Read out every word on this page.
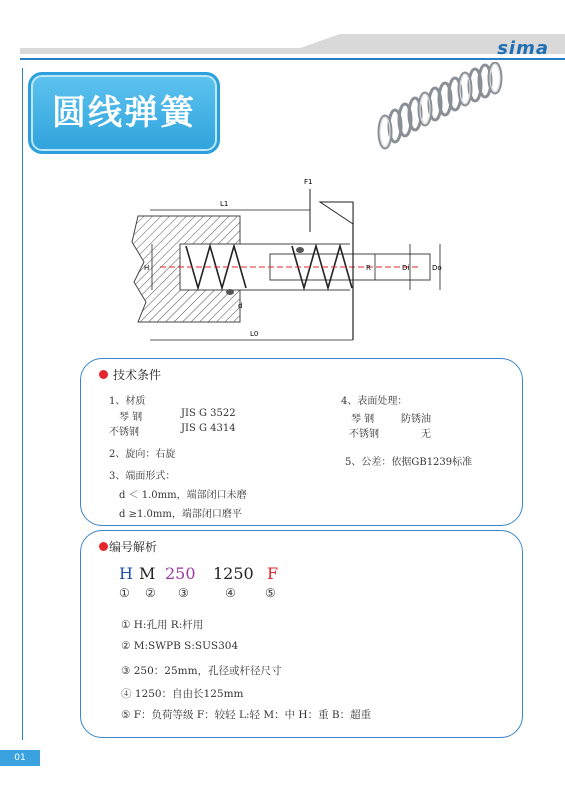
sima
圆线弹簧
F1
L1
L0
H	R	Di	Do
d
技术条件
1、材质
琴 钢	JIS G 3522
不锈钢	JIS G 4314
2、旋向：右旋
3、端面形式：
d ＜ 1.0mm，端部闭口未磨
d ≥1.0mm，端部闭口磨平
4、表面处理：
琴 钢	防锈油
不锈钢	无
5、公差：依据GB1239标准
编号解析
H M 250 1250 F
① ② ③	④ ⑤
① H:孔用 R:杆用
② M:SWPB S:SUS304
③ 250：25mm，孔径或杆径尺寸
④ 1250：自由长125mm
⑤ F：负荷等级 F：较轻 L:轻 M：中 H：重 B：超重
01
